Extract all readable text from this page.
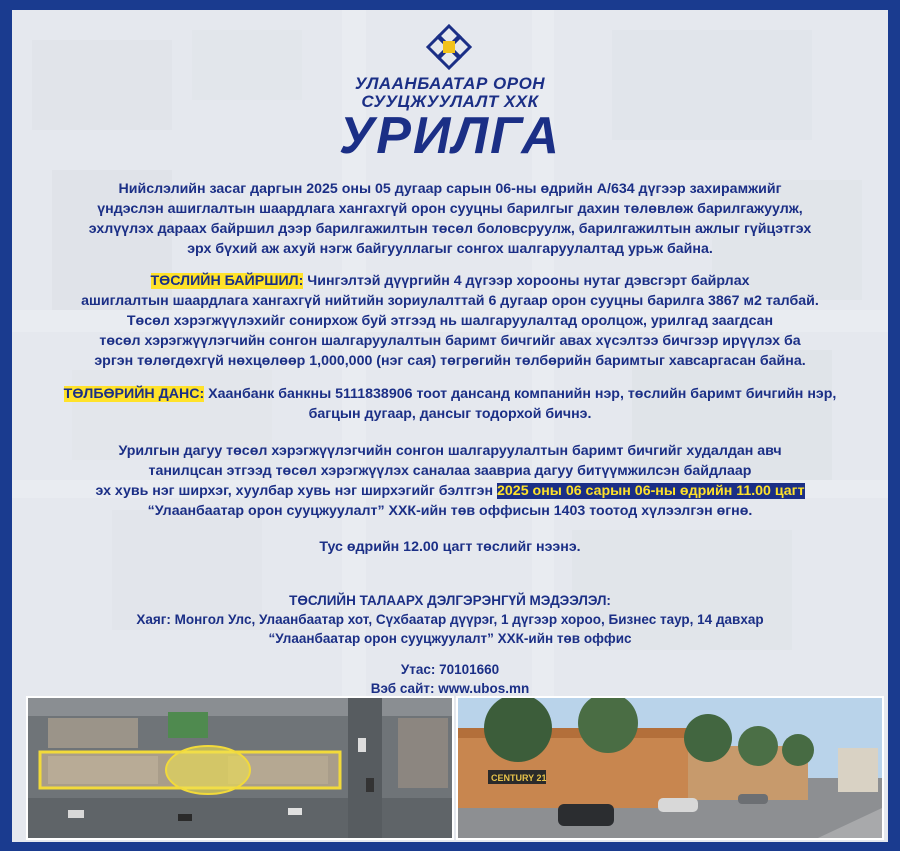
УЛААНБААТАР ОРОН
СУУЦЖУУЛАЛТ ХХК
УРИЛГА
Нийслэлийн засаг даргын 2025 оны 05 дугаар сарын 06-ны өдрийн А/634 дүгээр захирамжийг
үндэслэн ашиглалтын шаардлага хангахгүй орон сууцны барилгыг дахин төлөвлөж барилгажуулж,
эхлүүлэх дараах байршил дээр барилгажилтын төсөл боловсруулж, барилгажилтын ажлыг гүйцэтгэх
эрх бүхий аж ахуй нэгж байгууллагыг сонгох шалгаруулалтад урьж байна.
ТӨСЛИЙН БАЙРШИЛ: Чингэлтэй дүүргийн 4 дүгээр хорооны нутаг дэвсгэрт байрлах
ашиглалтын шаардлага хангахгүй нийтийн зориулалттай 6 дугаар орон сууцны барилга 3867 м2 талбай.
Төсөл хэрэгжүүлэхийг сонирхож буй этгээд нь шалгаруулалтад оролцож, урилгад заагдсан
төсөл хэрэгжүүлэгчийн сонгон шалгаруулалтын баримт бичгийг авах хүсэлтээ бичгээр ирүүлэх ба
эргэн төлөгдөхгүй нөхцөлөөр 1,000,000 (нэг сая) төгрөгийн төлбөрийн баримтыг хавсаргасан байна.
ТӨЛБӨРИЙН ДАНС: Хаанбанк банкны 5111838906 тоот дансанд компанийн нэр, төслийн баримт бичгийн нэр,
багцын дугаар, дансыг тодорхой бичнэ.
Урилгын дагуу төсөл хэрэгжүүлэгчийн сонгон шалгаруулалтын баримт бичгийг худалдан авч
танилцсан этгээд төсөл хэрэгжүүлэх саналаа заавриа дагуу битүүмжилсэн байдлаар
эх хувь нэг ширхэг, хуулбар хувь нэг ширхэгийг бэлтгэн 2025 оны 06 сарын 06-ны өдрийн 11.00 цагт
“Улаанбаатар орон сууцжуулалт” ХХК-ийн төв оффисын 1403 тоотод хүлээлгэн өгнө.
Тус өдрийн 12.00 цагт төслийг нээнэ.
ТӨСЛИЙН ТАЛААРХ ДЭЛГЭРЭНГҮЙ МЭДЭЭЛЭЛ:
Хаяг: Монгол Улс, Улаанбаатар хот, Сүхбаатар дүүрэг, 1 дүгээр хороо, Бизнес таур, 14 давхар
“Улаанбаатар орон сууцжуулалт” ХХК-ийн төв оффис
Утас: 70101660
Вэб сайт: www.ubos.mn
CENTURY 21
